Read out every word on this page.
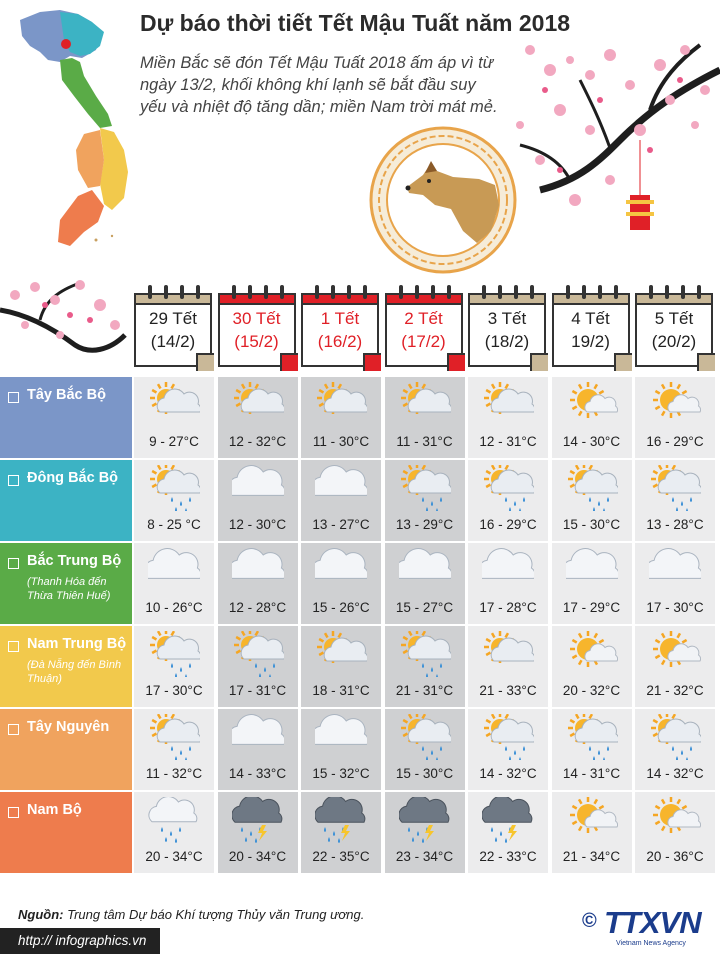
Dự báo thời tiết Tết Mậu Tuất năm 2018
Miền Bắc sẽ đón Tết Mậu Tuất 2018 ấm áp vì từ ngày 13/2, khối không khí lạnh sẽ bắt đầu suy yếu và nhiệt độ tăng dần; miền Nam trời mát mẻ.
29 Tết
(14/2)
30 Tết
(15/2)
1 Tết
(16/2)
2 Tết
(17/2)
3 Tết
(18/2)
4 Tết
19/2)
5 Tết
(20/2)
Tây Bắc Bộ
9 - 27°C	12 - 32°C	11 - 30°C	11 - 31°C	12 - 31°C	14 - 30°C	16 - 29°C
Đông Bắc Bộ
8 - 25 °C	12 - 30°C	13 - 27°C	13 - 29°C	16 - 29°C	15 - 30°C	13 - 28°C
Bắc Trung Bộ
(Thanh Hóa đến Thừa Thiên Huế)
10 - 26°C	12 - 28°C	15 - 26°C	15 - 27°C	17 - 28°C	17 - 29°C	17 - 30°C
Nam Trung Bộ
(Đà Nẵng đến Bình Thuận)
17 - 30°C	17 - 31°C	18 - 31°C	21 - 31°C	21 - 33°C	20 - 32°C	21 - 32°C
Tây Nguyên
11 - 32°C	14 - 33°C	15 - 32°C	15 - 30°C	14 - 32°C	14 - 31°C	14 - 32°C
Nam Bộ
20 - 34°C	20 - 34°C	22 - 35°C	23 - 34°C	22 - 33°C	21 - 34°C	20 - 36°C
Nguồn: Trung tâm Dự báo Khí tượng Thủy văn Trung ương.
http:// infographics.vn
© TTXVN
Vietnam News Agency
